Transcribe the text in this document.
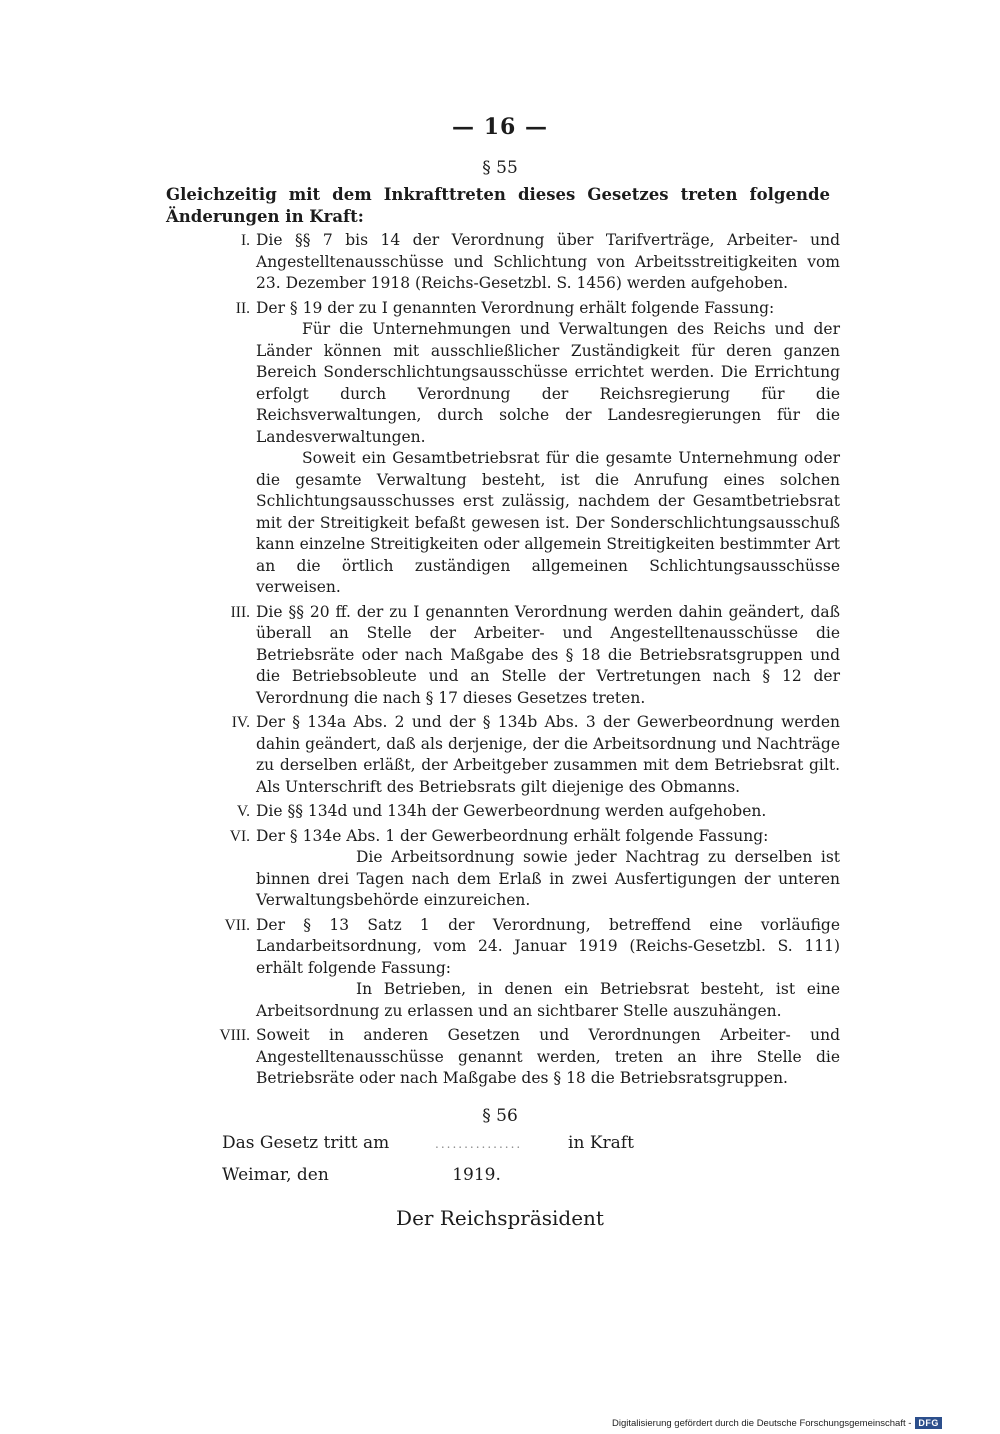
— 16 —
§ 55

Gleichzeitig mit dem Inkrafttreten dieses Gesetzes treten folgende Änderungen in Kraft:

I. Die §§ 7 bis 14 der Verordnung über Tarifverträge, Arbeiter- und Angestelltenausschüsse und Schlichtung von Arbeitsstreitigkeiten vom 23. Dezember 1918 (Reichs-Gesetzbl. S. 1456) werden aufgehoben.

II. Der § 19 der zu I genannten Verordnung erhält folgende Fassung:

Für die Unternehmungen und Verwaltungen des Reichs und der Länder können mit ausschließlicher Zuständigkeit für deren ganzen Bereich Sonderschlichtungsausschüsse errichtet werden. Die Errichtung erfolgt durch Verordnung der Reichsregierung für die Reichsverwaltungen, durch solche der Landesregierungen für die Landesverwaltungen.

Soweit ein Gesamtbetriebsrat für die gesamte Unternehmung oder die gesamte Verwaltung besteht, ist die Anrufung eines solchen Schlichtungsausschusses erst zulässig, nachdem der Gesamtbetriebsrat mit der Streitigkeit befaßt gewesen ist. Der Sonderschlichtungsausschuß kann einzelne Streitigkeiten oder allgemein Streitigkeiten bestimmter Art an die örtlich zuständigen allgemeinen Schlichtungsausschüsse verweisen.

III. Die §§ 20 ff. der zu I genannten Verordnung werden dahin geändert, daß überall an Stelle der Arbeiter- und Angestelltenausschüsse die Betriebsräte oder nach Maßgabe des § 18 die Betriebsratsgruppen und die Betriebsobleute und an Stelle der Vertretungen nach § 12 der Verordnung die nach § 17 dieses Gesetzes treten.

IV. Der § 134a Abs. 2 und der § 134b Abs. 3 der Gewerbeordnung werden dahin geändert, daß als derjenige, der die Arbeitsordnung und Nachträge zu derselben erläßt, der Arbeitgeber zusammen mit dem Betriebsrat gilt. Als Unterschrift des Betriebsrats gilt diejenige des Obmanns.

V. Die §§ 134d und 134h der Gewerbeordnung werden aufgehoben.

VI. Der § 134e Abs. 1 der Gewerbeordnung erhält folgende Fassung:

Die Arbeitsordnung sowie jeder Nachtrag zu derselben ist binnen drei Tagen nach dem Erlaß in zwei Ausfertigungen der unteren Verwaltungsbehörde einzureichen.

VII. Der § 13 Satz 1 der Verordnung, betreffend eine vorläufige Landarbeitsordnung, vom 24. Januar 1919 (Reichs-Gesetzbl. S. 111) erhält folgende Fassung:

In Betrieben, in denen ein Betriebsrat besteht, ist eine Arbeitsordnung zu erlassen und an sichtbarer Stelle auszuhängen.

VIII. Soweit in anderen Gesetzen und Verordnungen Arbeiter- und Angestelltenausschüsse genannt werden, treten an ihre Stelle die Betriebsräte oder nach Maßgabe des § 18 die Betriebsratsgruppen.

§ 56
Das Gesetz tritt am	...............	in Kraft
Weimar, den	1919.
Der Reichspräsident
Digitalisierung gefördert durch die Deutsche Forschungsgemeinschaft - DFG
